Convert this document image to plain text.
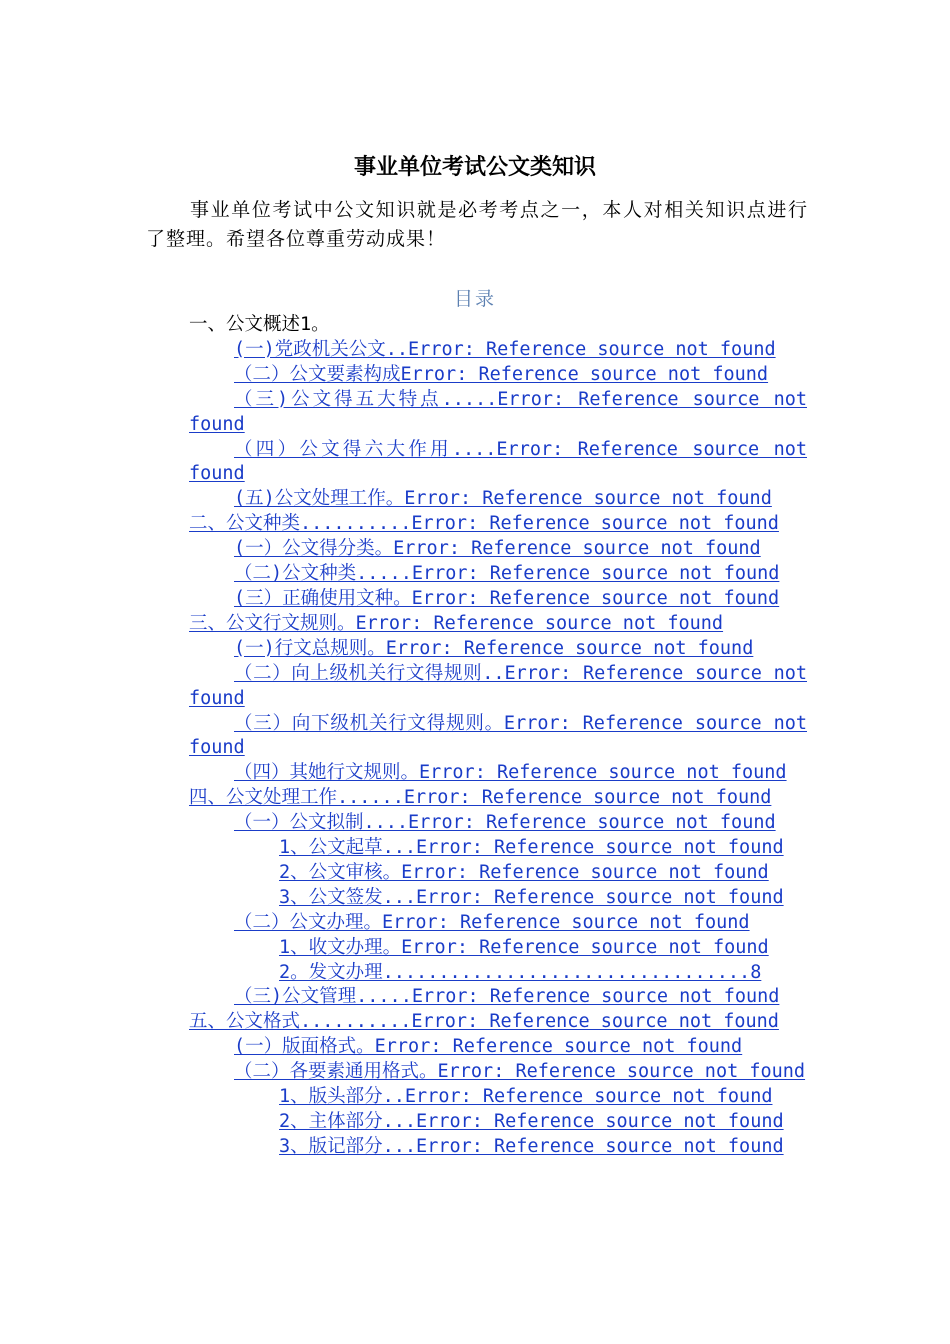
事业单位考试公文类知识
事业单位考试中公文知识就是必考考点之一，本人对相关知识点进行了整理。希望各位尊重劳动成果！
目录
一、公文概述1。
(一)党政机关公文..Error: Reference source not found
（二）公文要素构成Error: Reference source not found
（三)公文得五大特点.....Error: Reference source not found
（四）公文得六大作用....Error: Reference source not found
(五)公文处理工作。Error: Reference source not found
二、公文种类..........Error: Reference source not found
(一）公文得分类。Error: Reference source not found
（二)公文种类.....Error: Reference source not found
(三）正确使用文种。Error: Reference source not found
三、公文行文规则。Error: Reference source not found
(一)行文总规则。Error: Reference source not found
（二）向上级机关行文得规则..Error: Reference source not found
（三）向下级机关行文得规则。Error: Reference source not found
（四）其她行文规则。Error: Reference source not found
四、公文处理工作......Error: Reference source not found
（一）公文拟制....Error: Reference source not found
1、公文起草...Error: Reference source not found
2、公文审核。Error: Reference source not found
3、公文签发...Error: Reference source not found
（二）公文办理。Error: Reference source not found
1、收文办理。Error: Reference source not found
2。发文办理.................................8
（三)公文管理.....Error: Reference source not found
五、公文格式..........Error: Reference source not found
(一）版面格式。Error: Reference source not found
（二）各要素通用格式。Error: Reference source not found
1、版头部分..Error: Reference source not found
2、主体部分...Error: Reference source not found
3、版记部分...Error: Reference source not found
